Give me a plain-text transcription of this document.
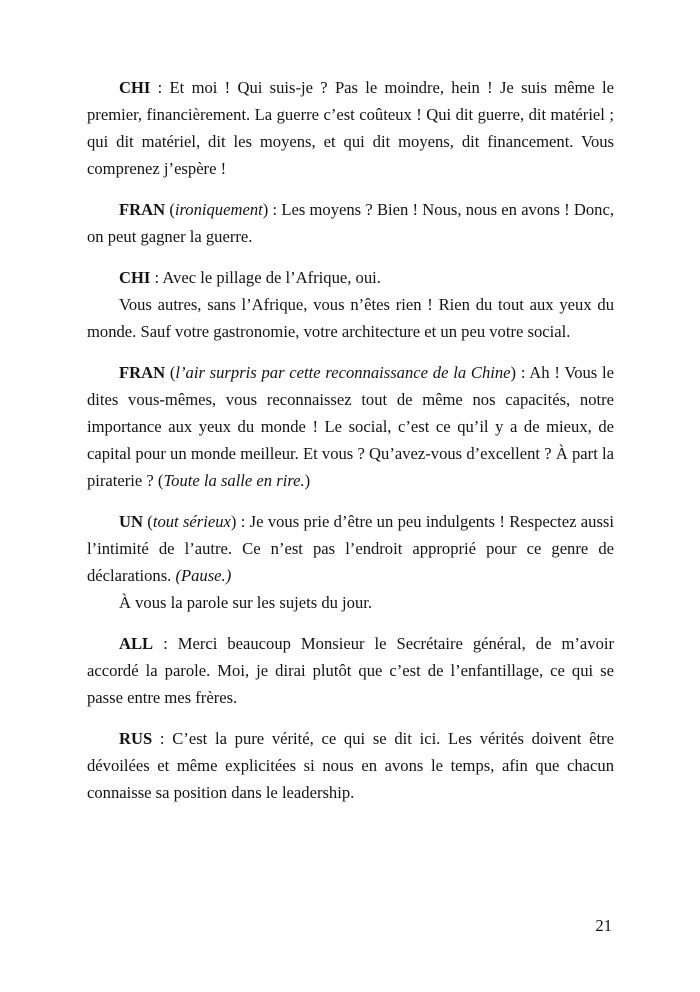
CHI : Et moi ! Qui suis-je ? Pas le moindre, hein ! Je suis même le premier, financièrement. La guerre c’est coûteux ! Qui dit guerre, dit matériel ; qui dit matériel, dit les moyens, et qui dit moyens, dit financement. Vous comprenez j’espère !

FRAN (ironiquement) : Les moyens ? Bien ! Nous, nous en avons ! Donc, on peut gagner la guerre.

CHI : Avec le pillage de l’Afrique, oui.

Vous autres, sans l’Afrique, vous n’êtes rien ! Rien du tout aux yeux du monde. Sauf votre gastronomie, votre architecture et un peu votre social.

FRAN (l’air surpris par cette reconnaissance de la Chine) : Ah ! Vous le dites vous-mêmes, vous reconnaissez tout de même nos capacités, notre importance aux yeux du monde ! Le social, c’est ce qu’il y a de mieux, de capital pour un monde meilleur. Et vous ? Qu’avez-vous d’excellent ? À part la piraterie ? (Toute la salle en rire.)

UN (tout sérieux) : Je vous prie d’être un peu indulgents ! Respectez aussi l’intimité de l’autre. Ce n’est pas l’endroit approprié pour ce genre de déclarations. (Pause.)

À vous la parole sur les sujets du jour.

ALL : Merci beaucoup Monsieur le Secrétaire général, de m’avoir accordé la parole. Moi, je dirai plutôt que c’est de l’enfantillage, ce qui se passe entre mes frères.

RUS : C’est la pure vérité, ce qui se dit ici. Les vérités doivent être dévoilées et même explicitées si nous en avons le temps, afin que chacun connaisse sa position dans le leadership.

21
